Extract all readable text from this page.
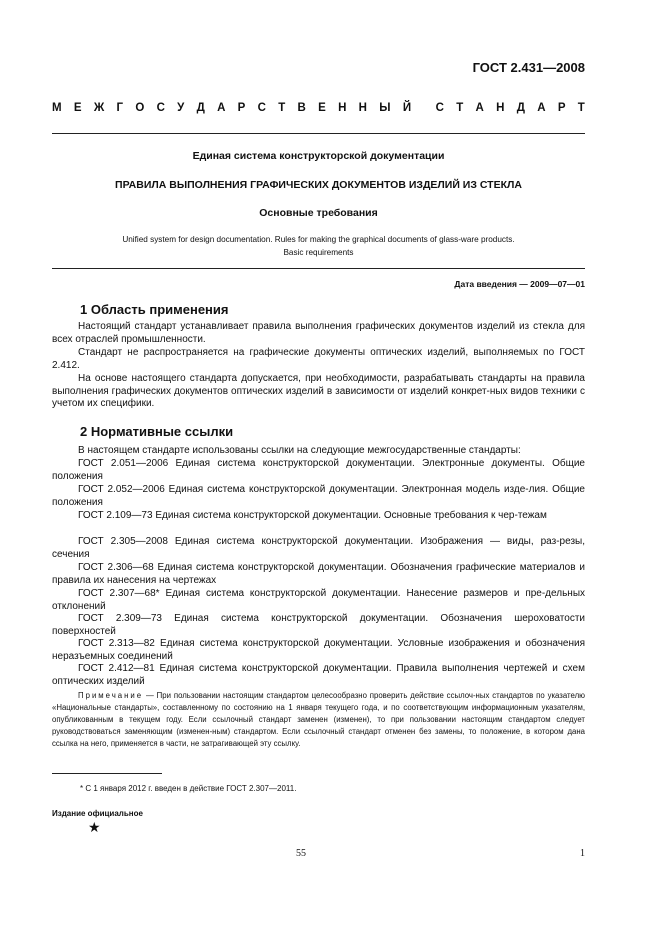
ГОСТ 2.431—2008
М Е Ж Г О С У Д А Р С Т В Е Н Н Ы Й С Т А Н Д А Р Т
Единая система конструкторской документации
ПРАВИЛА ВЫПОЛНЕНИЯ ГРАФИЧЕСКИХ ДОКУМЕНТОВ ИЗДЕЛИЙ ИЗ СТЕКЛА
Основные требования
Unified system for design documentation. Rules for making the graphical documents of glass-ware products.
Basic requirements
Дата введения — 2009—07—01
1 Область применения
Настоящий стандарт устанавливает правила выполнения графических документов изделий из стекла для всех отраслей промышленности.
Стандарт не распространяется на графические документы оптических изделий, выполняемых по ГОСТ 2.412.
На основе настоящего стандарта допускается, при необходимости, разрабатывать стандарты на правила выполнения графических документов оптических изделий в зависимости от изделий конкрет-ных видов техники с учетом их специфики.
2 Нормативные ссылки
В настоящем стандарте использованы ссылки на следующие межгосударственные стандарты:
ГОСТ 2.051—2006 Единая система конструкторской документации. Электронные документы. Общие положения
ГОСТ 2.052—2006 Единая система конструкторской документации. Электронная модель изде-лия. Общие положения
ГОСТ 2.109—73 Единая система конструкторской документации. Основные требования к чер-тежам
ГОСТ 2.305—2008 Единая система конструкторской документации. Изображения — виды, раз-резы, сечения
ГОСТ 2.306—68 Единая система конструкторской документации. Обозначения графические материалов и правила их нанесения на чертежах
ГОСТ 2.307—68* Единая система конструкторской документации. Нанесение размеров и пре-дельных отклонений
ГОСТ 2.309—73 Единая система конструкторской документации. Обозначения шероховатости поверхностей
ГОСТ 2.313—82 Единая система конструкторской документации. Условные изображения и обозначения неразъемных соединений
ГОСТ 2.412—81 Единая система конструкторской документации. Правила выполнения чертежей и схем оптических изделий
Примечание — При пользовании настоящим стандартом целесообразно проверить действие ссылоч-ных стандартов по указателю «Национальные стандарты», составленному по состоянию на 1 января текущего года, и по соответствующим информационным указателям, опубликованным в текущем году. Если ссылочный стандарт заменен (изменен), то при пользовании настоящим стандартом следует руководствоваться заменяющим (изменен-ным) стандартом. Если ссылочный стандарт отменен без замены, то положение, в котором дана ссылка на него, применяется в части, не затрагивающей эту ссылку.
* С 1 января 2012 г. введен в действие ГОСТ 2.307—2011.
Издание официальное
★
55	1
